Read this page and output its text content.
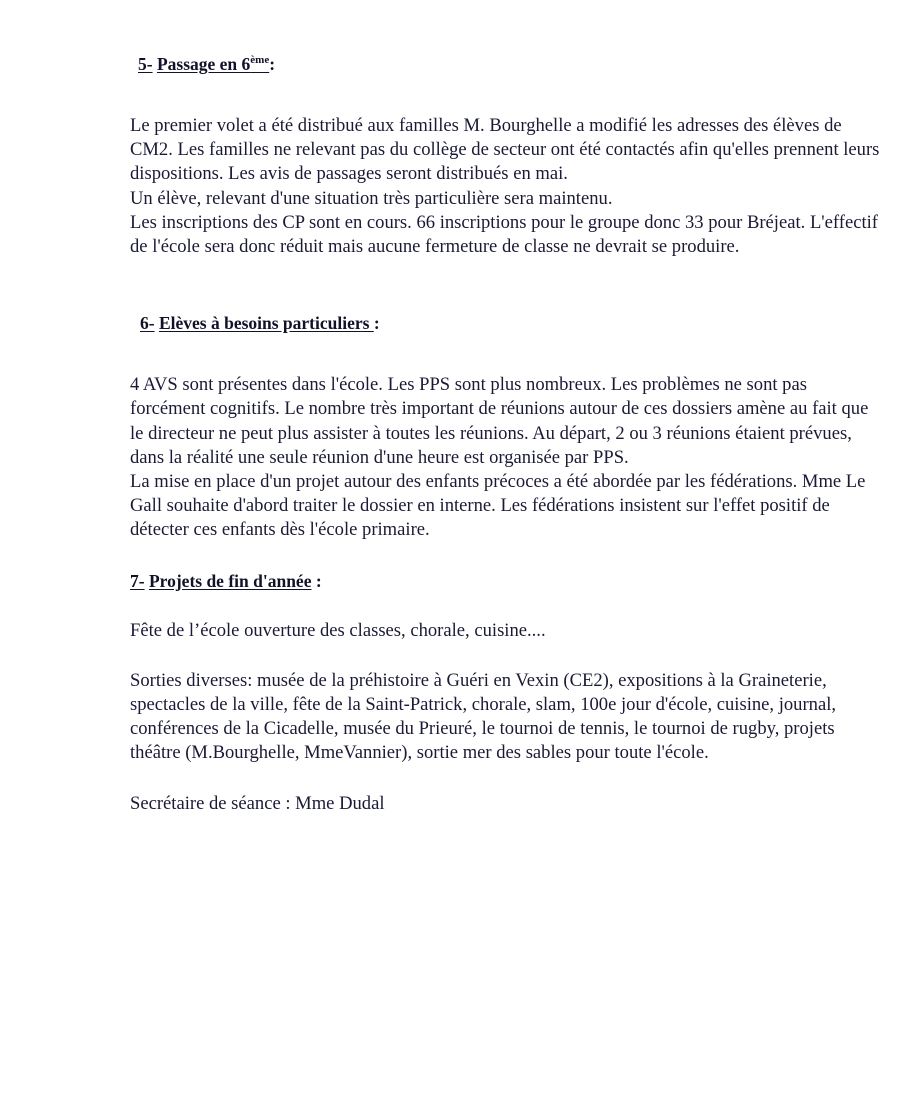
5- Passage en 6ème:

Le premier volet a été distribué aux familles M. Bourghelle a modifié les adresses des élèves de CM2. Les familles ne relevant pas du collège de secteur ont été contactés afin qu'elles prennent leurs dispositions. Les avis de passages seront distribués en mai.

Un élève, relevant d'une situation très particulière sera maintenu.

Les inscriptions des CP sont en cours. 66 inscriptions pour le groupe donc 33 pour Bréjeat. L'effectif de l'école sera donc réduit mais aucune fermeture de classe ne devrait se produire.

6- Elèves à besoins particuliers :

4 AVS sont présentes dans l'école. Les PPS sont plus nombreux. Les problèmes ne sont pas forcément cognitifs. Le nombre très important de réunions autour de ces dossiers amène au fait que le directeur ne peut plus assister à toutes les réunions. Au départ, 2 ou 3 réunions étaient prévues, dans la réalité une seule réunion d'une heure est organisée par PPS.

La mise en place d'un projet autour des enfants précoces a été abordée par les fédérations. Mme Le Gall souhaite d'abord traiter le dossier en interne. Les fédérations insistent sur l'effet positif de détecter ces enfants dès l'école primaire.

7- Projets de fin d'année :

Fête de l’école ouverture des classes, chorale, cuisine....

Sorties diverses: musée de la préhistoire à Guéri en Vexin (CE2), expositions à la Graineterie, spectacles de la ville, fête de la Saint-Patrick, chorale, slam, 100e jour d'école, cuisine, journal, conférences de la Cicadelle, musée du Prieuré, le tournoi de tennis, le tournoi de rugby, projets théâtre (M.Bourghelle, MmeVannier), sortie mer des sables pour toute l'école.

Secrétaire de séance : Mme Dudal
